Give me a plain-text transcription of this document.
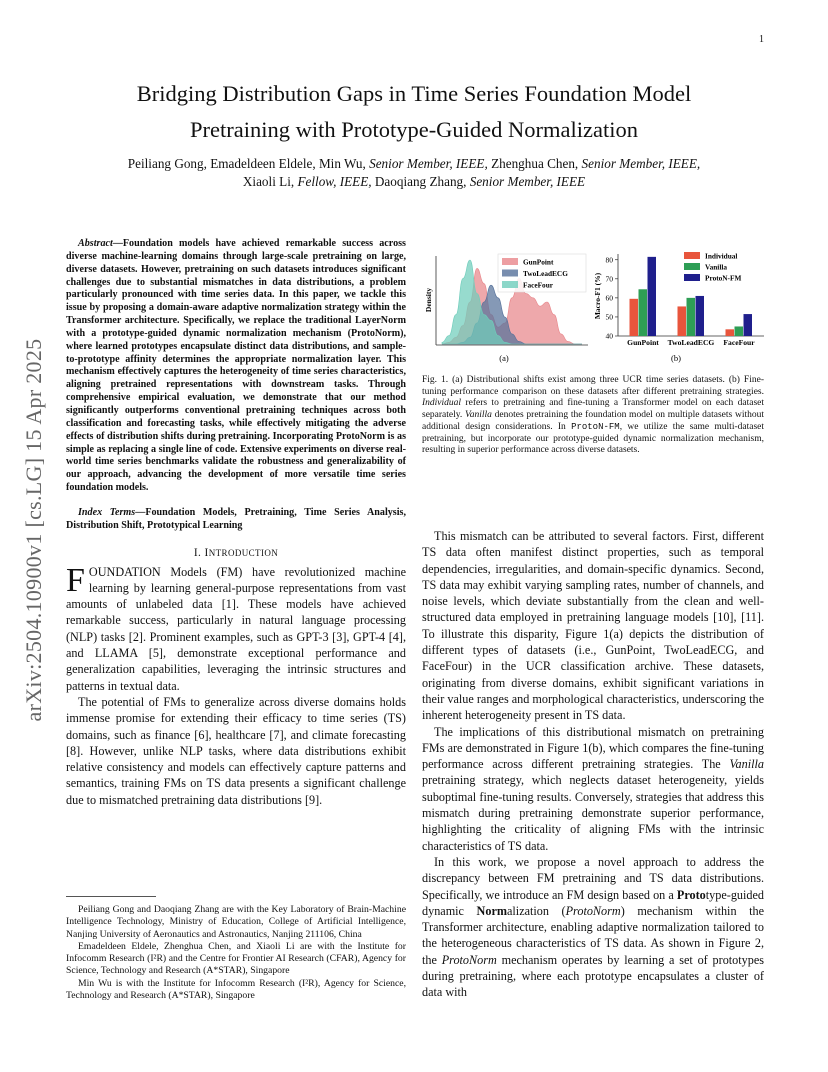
1
Bridging Distribution Gaps in Time Series Foundation Model
Pretraining with Prototype-Guided Normalization
Peiliang Gong, Emadeldeen Eldele, Min Wu, Senior Member, IEEE, Zhenghua Chen, Senior Member, IEEE,
Xiaoli Li, Fellow, IEEE, Daoqiang Zhang, Senior Member, IEEE
arXiv:2504.10900v1 [cs.LG] 15 Apr 2025

Abstract—Foundation models have achieved remarkable success across diverse machine-learning domains through large-scale pretraining on large, diverse datasets. However, pretraining on such datasets introduces significant challenges due to substantial mismatches in data distributions, a problem particularly pronounced with time series data. In this paper, we tackle this issue by proposing a domain-aware adaptive normalization strategy within the Transformer architecture. Specifically, we replace the traditional LayerNorm with a prototype-guided dynamic normalization mechanism (ProtoNorm), where learned prototypes encapsulate distinct data distributions, and sample-to-prototype affinity determines the appropriate normalization layer. This mechanism effectively captures the heterogeneity of time series characteristics, aligning pretrained representations with downstream tasks. Through comprehensive empirical evaluation, we demonstrate that our method significantly outperforms conventional pretraining techniques across both classification and forecasting tasks, while effectively mitigating the adverse effects of distribution shifts during pretraining. Incorporating ProtoNorm is as simple as replacing a single line of code. Extensive experiments on diverse real-world time series benchmarks validate the robustness and generalizability of our approach, advancing the development of more versatile time series foundation models.

Index Terms—Foundation Models, Pretraining, Time Series Analysis, Distribution Shift, Prototypical Learning

I. INTRODUCTION

FOUNDATION Models (FM) have revolutionized machine learning by learning general-purpose representations from vast amounts of unlabeled data [1]. These models have achieved remarkable success, particularly in natural language processing (NLP) tasks [2]. Prominent examples, such as GPT-3 [3], GPT-4 [4], and LLAMA [5], demonstrate exceptional performance and generalization capabilities, leveraging the intrinsic structures and patterns in textual data.

The potential of FMs to generalize across diverse domains holds immense promise for extending their efficacy to time series (TS) domains, such as finance [6], healthcare [7], and climate forecasting [8]. However, unlike NLP tasks, where data distributions exhibit relative consistency and models can effectively capture patterns and semantics, training FMs on TS data presents a significant challenge due to mismatched pretraining data distributions [9].

Peiliang Gong and Daoqiang Zhang are with the Key Laboratory of Brain-Machine Intelligence Technology, Ministry of Education, College of Artificial Intelligence, Nanjing University of Aeronautics and Astronautics, Nanjing 211106, China

Emadeldeen Eldele, Zhenghua Chen, and Xiaoli Li are with the Institute for Infocomm Research (I²R) and the Centre for Frontier AI Research (CFAR), Agency for Science, Technology and Research (A*STAR), Singapore

Min Wu is with the Institute for Infocomm Research (I²R), Agency for Science, Technology and Research (A*STAR), Singapore

Density
GunPoint
TwoLeadECG
FaceFour
(a)
Macro-F1 (%)
40
50
60
70
80
GunPoint TwoLeadECG FaceFour
Individual
Vanilla
ProtoN-FM
(b)
Fig. 1. (a) Distributional shifts exist among three UCR time series datasets. (b) Fine-tuning performance comparison on these datasets after different pretraining strategies. Individual refers to pretraining and fine-tuning a Transformer model on each dataset separately. Vanilla denotes pretraining the foundation model on multiple datasets without additional design considerations. In ProtoN-FM, we utilize the same multi-dataset pretraining, but incorporate our prototype-guided dynamic normalization mechanism, resulting in superior performance across diverse datasets.

This mismatch can be attributed to several factors. First, different TS data often manifest distinct properties, such as temporal dependencies, irregularities, and domain-specific dynamics. Second, TS data may exhibit varying sampling rates, number of channels, and noise levels, which deviate substantially from the clean and well-structured data employed in pretraining language models [10], [11]. To illustrate this disparity, Figure 1(a) depicts the distribution of different types of datasets (i.e., GunPoint, TwoLeadECG, and FaceFour) in the UCR classification archive. These datasets, originating from diverse domains, exhibit significant variations in their value ranges and morphological characteristics, underscoring the inherent heterogeneity present in TS data.

The implications of this distributional mismatch on pretraining FMs are demonstrated in Figure 1(b), which compares the fine-tuning performance across different pretraining strategies. The Vanilla pretraining strategy, which neglects dataset heterogeneity, yields suboptimal fine-tuning results. Conversely, strategies that address this mismatch during pretraining demonstrate superior performance, highlighting the criticality of aligning FMs with the intrinsic characteristics of TS data.

In this work, we propose a novel approach to address the discrepancy between FM pretraining and TS data distributions. Specifically, we introduce an FM design based on a Prototype-guided dynamic Normalization (ProtoNorm) mechanism within the Transformer architecture, enabling adaptive normalization tailored to the heterogeneous characteristics of TS data. As shown in Figure 2, the ProtoNorm mechanism operates by learning a set of prototypes during pretraining, where each prototype encapsulates a cluster of data with
